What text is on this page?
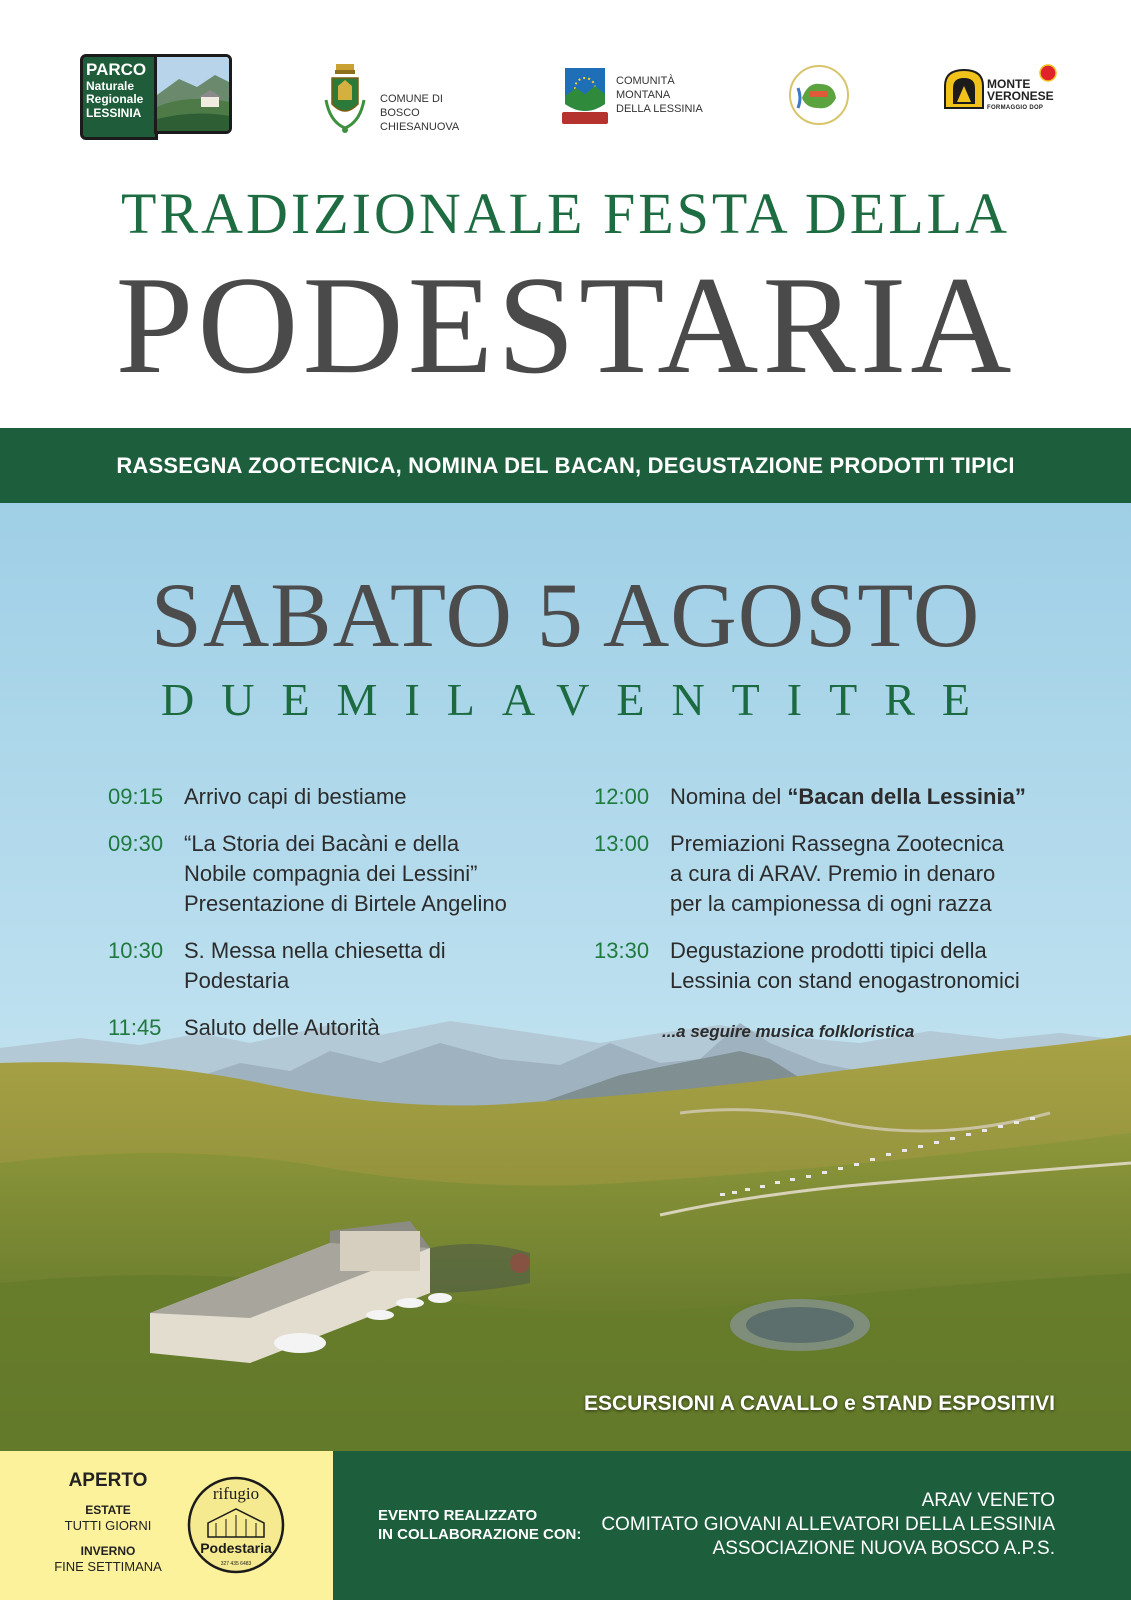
PARCO
Naturale
Regionale
LESSINIA
COMUNE DI
BOSCO CHIESANUOVA
COMUNITÀ
MONTANA
DELLA LESSINIA
MONTE
VERONESE
FORMAGGIO DOP
TRADIZIONALE FESTA DELLA
PODESTARIA
RASSEGNA ZOOTECNICA, NOMINA DEL BACAN, DEGUSTAZIONE PRODOTTI TIPICI
SABATO 5 AGOSTO
DUEMILAVENTITRE
09:15 Arrivo capi di bestiame
09:30 “La Storia dei Bacàni e della
Nobile compagnia dei Lessini”
Presentazione di Birtele Angelino
10:30 S. Messa nella chiesetta di Podestaria
11:45	Saluto delle Autorità
12:00 Nomina del “Bacan della Lessinia”
13:00 Premiazioni Rassegna Zootecnica
a cura di ARAV. Premio in denaro
per la campionessa di ogni razza
13:30 Degustazione prodotti tipici della
Lessinia con stand enogastronomici
...a seguire musica folkloristica
ESCURSIONI A CAVALLO e STAND ESPOSITIVI
APERTO
ESTATE
TUTTI GIORNI
INVERNO
FINE SETTIMANA
rifugio
Podestaria
327 435 6483
EVENTO REALIZZATO
IN COLLABORAZIONE CON:
ARAV VENETO
COMITATO GIOVANI ALLEVATORI DELLA LESSINIA
ASSOCIAZIONE NUOVA BOSCO A.P.S.
